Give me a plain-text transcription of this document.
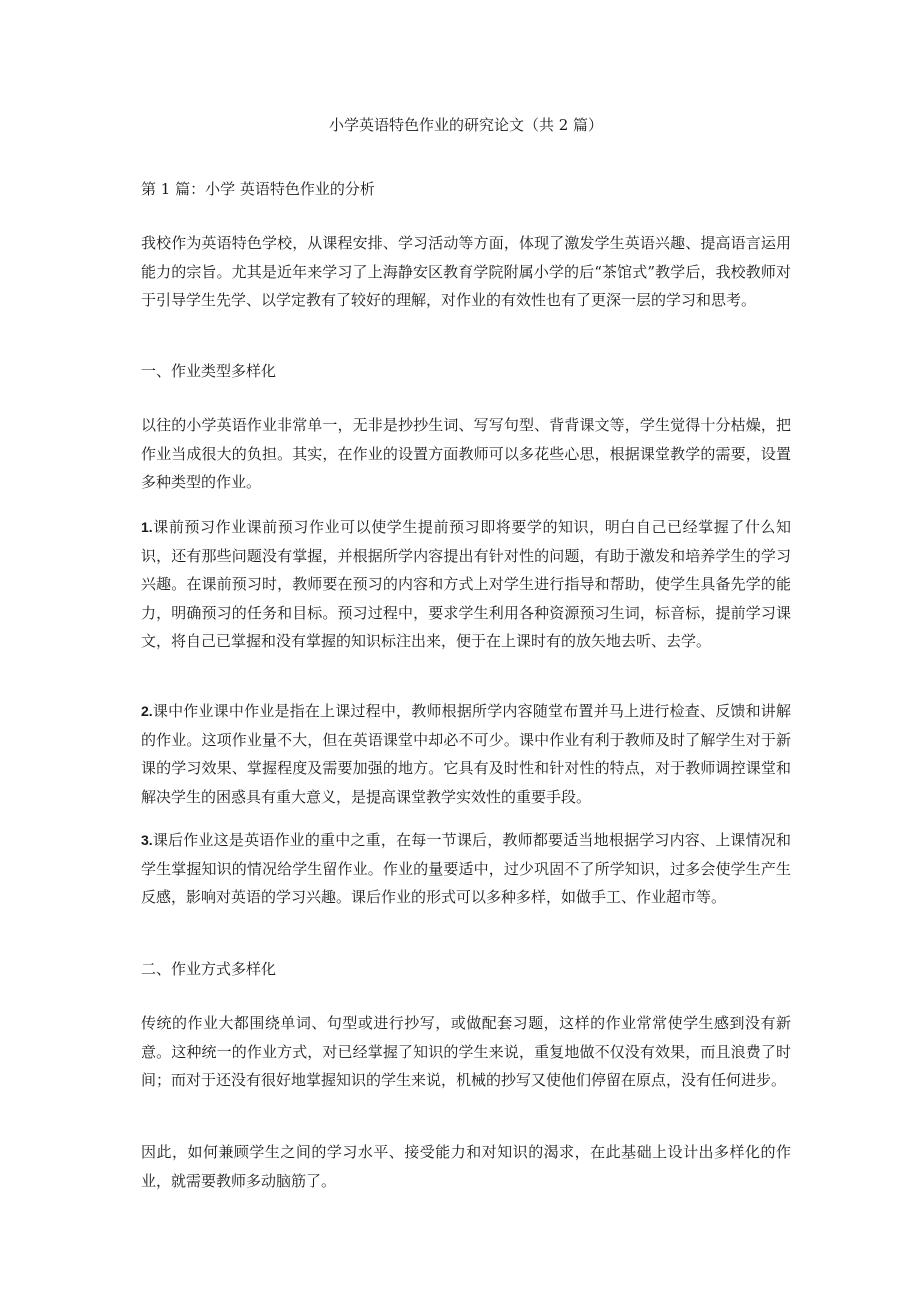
小学英语特色作业的研究论文（共 2 篇）
第 1 篇：小学 英语特色作业的分析

我校作为英语特色学校，从课程安排、学习活动等方面，体现了激发学生英语兴趣、提高语言运用能力的宗旨。尤其是近年来学习了上海静安区教育学院附属小学的后“茶馆式”教学后，我校教师对于引导学生先学、以学定教有了较好的理解，对作业的有效性也有了更深一层的学习和思考。

一、作业类型多样化

以往的小学英语作业非常单一，无非是抄抄生词、写写句型、背背课文等，学生觉得十分枯燥，把作业当成很大的负担。其实，在作业的设置方面教师可以多花些心思，根据课堂教学的需要，设置多种类型的作业。

1.课前预习作业课前预习作业可以使学生提前预习即将要学的知识，明白自己已经掌握了什么知识，还有那些问题没有掌握，并根据所学内容提出有针对性的问题，有助于激发和培养学生的学习兴趣。在课前预习时，教师要在预习的内容和方式上对学生进行指导和帮助，使学生具备先学的能力，明确预习的任务和目标。预习过程中，要求学生利用各种资源预习生词，标音标，提前学习课文，将自己已掌握和没有掌握的知识标注出来，便于在上课时有的放矢地去听、去学。

2.课中作业课中作业是指在上课过程中，教师根据所学内容随堂布置并马上进行检查、反馈和讲解的作业。这项作业量不大，但在英语课堂中却必不可少。课中作业有利于教师及时了解学生对于新课的学习效果、掌握程度及需要加强的地方。它具有及时性和针对性的特点，对于教师调控课堂和解决学生的困惑具有重大意义，是提高课堂教学实效性的重要手段。

3.课后作业这是英语作业的重中之重，在每一节课后，教师都要适当地根据学习内容、上课情况和学生掌握知识的情况给学生留作业。作业的量要适中，过少巩固不了所学知识，过多会使学生产生反感，影响对英语的学习兴趣。课后作业的形式可以多种多样，如做手工、作业超市等。

二、作业方式多样化

传统的作业大都围绕单词、句型或进行抄写，或做配套习题，这样的作业常常使学生感到没有新意。这种统一的作业方式，对已经掌握了知识的学生来说，重复地做不仅没有效果，而且浪费了时间；而对于还没有很好地掌握知识的学生来说，机械的抄写又使他们停留在原点，没有任何进步。

因此，如何兼顾学生之间的学习水平、接受能力和对知识的渴求，在此基础上设计出多样化的作业，就需要教师多动脑筋了。
